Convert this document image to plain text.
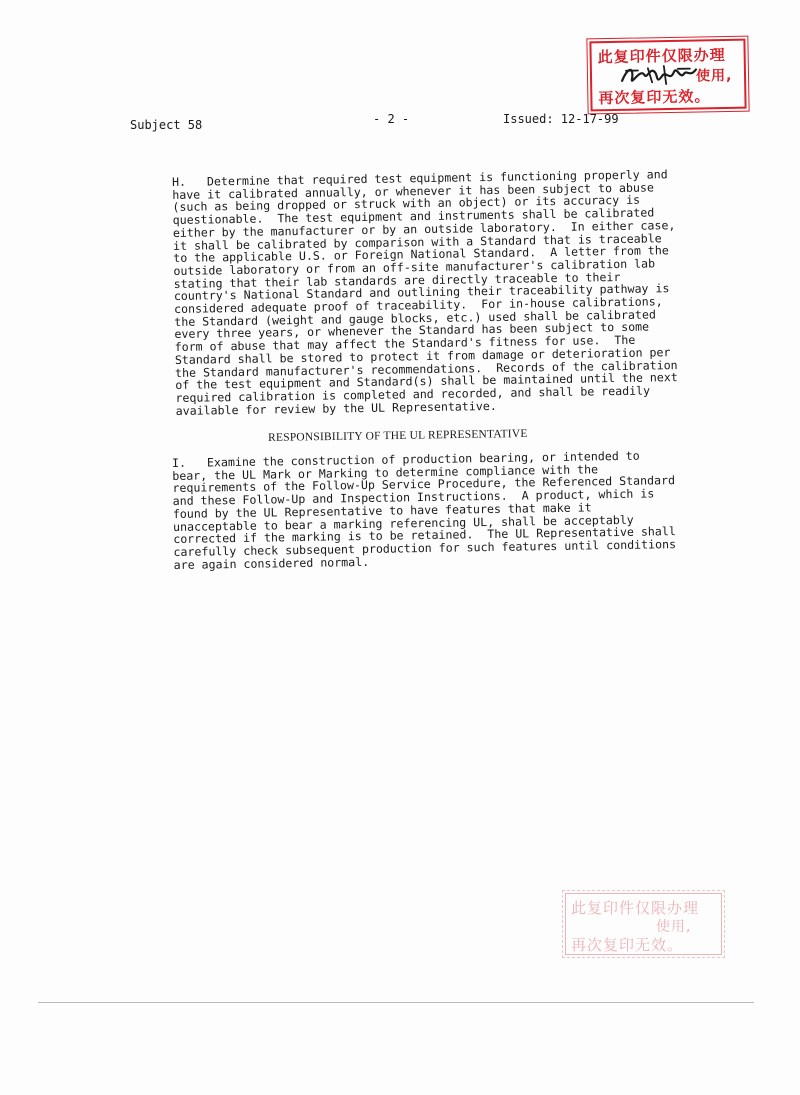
此复印件仅限办理
使用,
再次复印无效。
Subject 58	- 2 -	Issued: 12-17-99
H.   Determine that required test equipment is functioning properly and
have it calibrated annually, or whenever it has been subject to abuse
(such as being dropped or struck with an object) or its accuracy is
questionable.  The test equipment and instruments shall be calibrated
either by the manufacturer or by an outside laboratory.  In either case,
it shall be calibrated by comparison with a Standard that is traceable
to the applicable U.S. or Foreign National Standard.  A letter from the
outside laboratory or from an off-site manufacturer's calibration lab
stating that their lab standards are directly traceable to their
country's National Standard and outlining their traceability pathway is
considered adequate proof of traceability.  For in-house calibrations,
the Standard (weight and gauge blocks, etc.) used shall be calibrated
every three years, or whenever the Standard has been subject to some
form of abuse that may affect the Standard's fitness for use.  The
Standard shall be stored to protect it from damage or deterioration per
the Standard manufacturer's recommendations.  Records of the calibration
of the test equipment and Standard(s) shall be maintained until the next
required calibration is completed and recorded, and shall be readily
available for review by the UL Representative.
RESPONSIBILITY OF THE UL REPRESENTATIVE
I.   Examine the construction of production bearing, or intended to
bear, the UL Mark or Marking to determine compliance with the
requirements of the Follow-Up Service Procedure, the Referenced Standard
and these Follow-Up and Inspection Instructions.  A product, which is
found by the UL Representative to have features that make it
unacceptable to bear a marking referencing UL, shall be acceptably
corrected if the marking is to be retained.  The UL Representative shall
carefully check subsequent production for such features until conditions
are again considered normal.
此复印件仅限办理
使用,
再次复印无效。
